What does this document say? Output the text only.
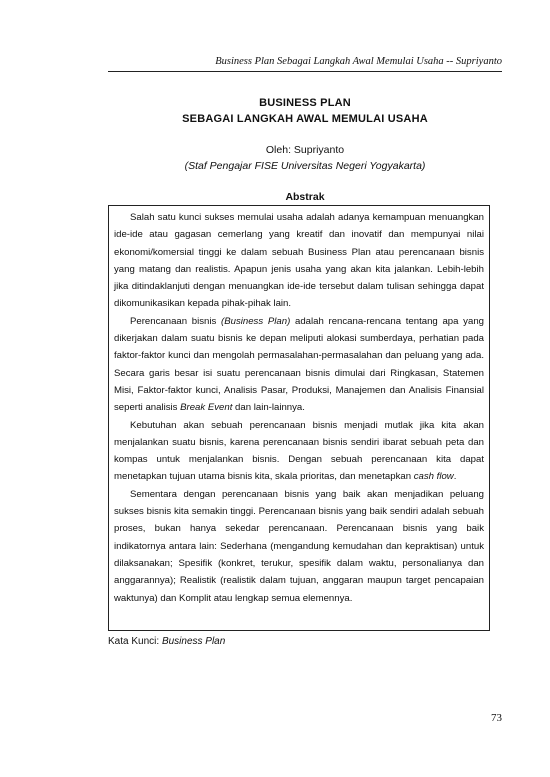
Business Plan Sebagai Langkah Awal Memulai Usaha -- Supriyanto
BUSINESS PLAN
SEBAGAI LANGKAH AWAL MEMULAI USAHA
Oleh: Supriyanto
(Staf Pengajar FISE Universitas Negeri Yogyakarta)
Abstrak

Salah satu kunci sukses memulai usaha adalah adanya kemampuan menuangkan ide-ide atau gagasan cemerlang yang kreatif dan inovatif dan mempunyai nilai ekonomi/komersial tinggi ke dalam sebuah Business Plan atau perencanaan bisnis yang matang dan realistis. Apapun jenis usaha yang akan kita jalankan. Lebih-lebih jika ditindaklanjuti dengan menuangkan ide-ide tersebut dalam tulisan sehingga dapat dikomunikasikan kepada pihak-pihak lain.

Perencanaan bisnis (Business Plan) adalah rencana-rencana tentang apa yang dikerjakan dalam suatu bisnis ke depan meliputi alokasi sumberdaya, perhatian pada faktor-faktor kunci dan mengolah permasalahan-permasalahan dan peluang yang ada. Secara garis besar isi suatu perencanaan bisnis dimulai dari Ringkasan, Statemen Misi, Faktor-faktor kunci, Analisis Pasar, Produksi, Manajemen dan Analisis Finansial seperti analisis Break Event dan lain-lainnya.

Kebutuhan akan sebuah perencanaan bisnis menjadi mutlak jika kita akan menjalankan suatu bisnis, karena perencanaan bisnis sendiri ibarat sebuah peta dan kompas untuk menjalankan bisnis. Dengan sebuah perencanaan kita dapat menetapkan tujuan utama bisnis kita, skala prioritas, dan menetapkan cash flow.

Sementara dengan perencanaan bisnis yang baik akan menjadikan peluang sukses bisnis kita semakin tinggi. Perencanaan bisnis yang baik sendiri adalah sebuah proses, bukan hanya sekedar perencanaan. Perencanaan bisnis yang baik indikatornya antara lain: Sederhana (mengandung kemudahan dan kepraktisan) untuk dilaksanakan; Spesifik (konkret, terukur, spesifik dalam waktu, personalianya dan anggarannya); Realistik (realistik dalam tujuan, anggaran maupun target pencapaian waktunya) dan Komplit atau lengkap semua elemennya.

Kata Kunci: Business Plan
73
